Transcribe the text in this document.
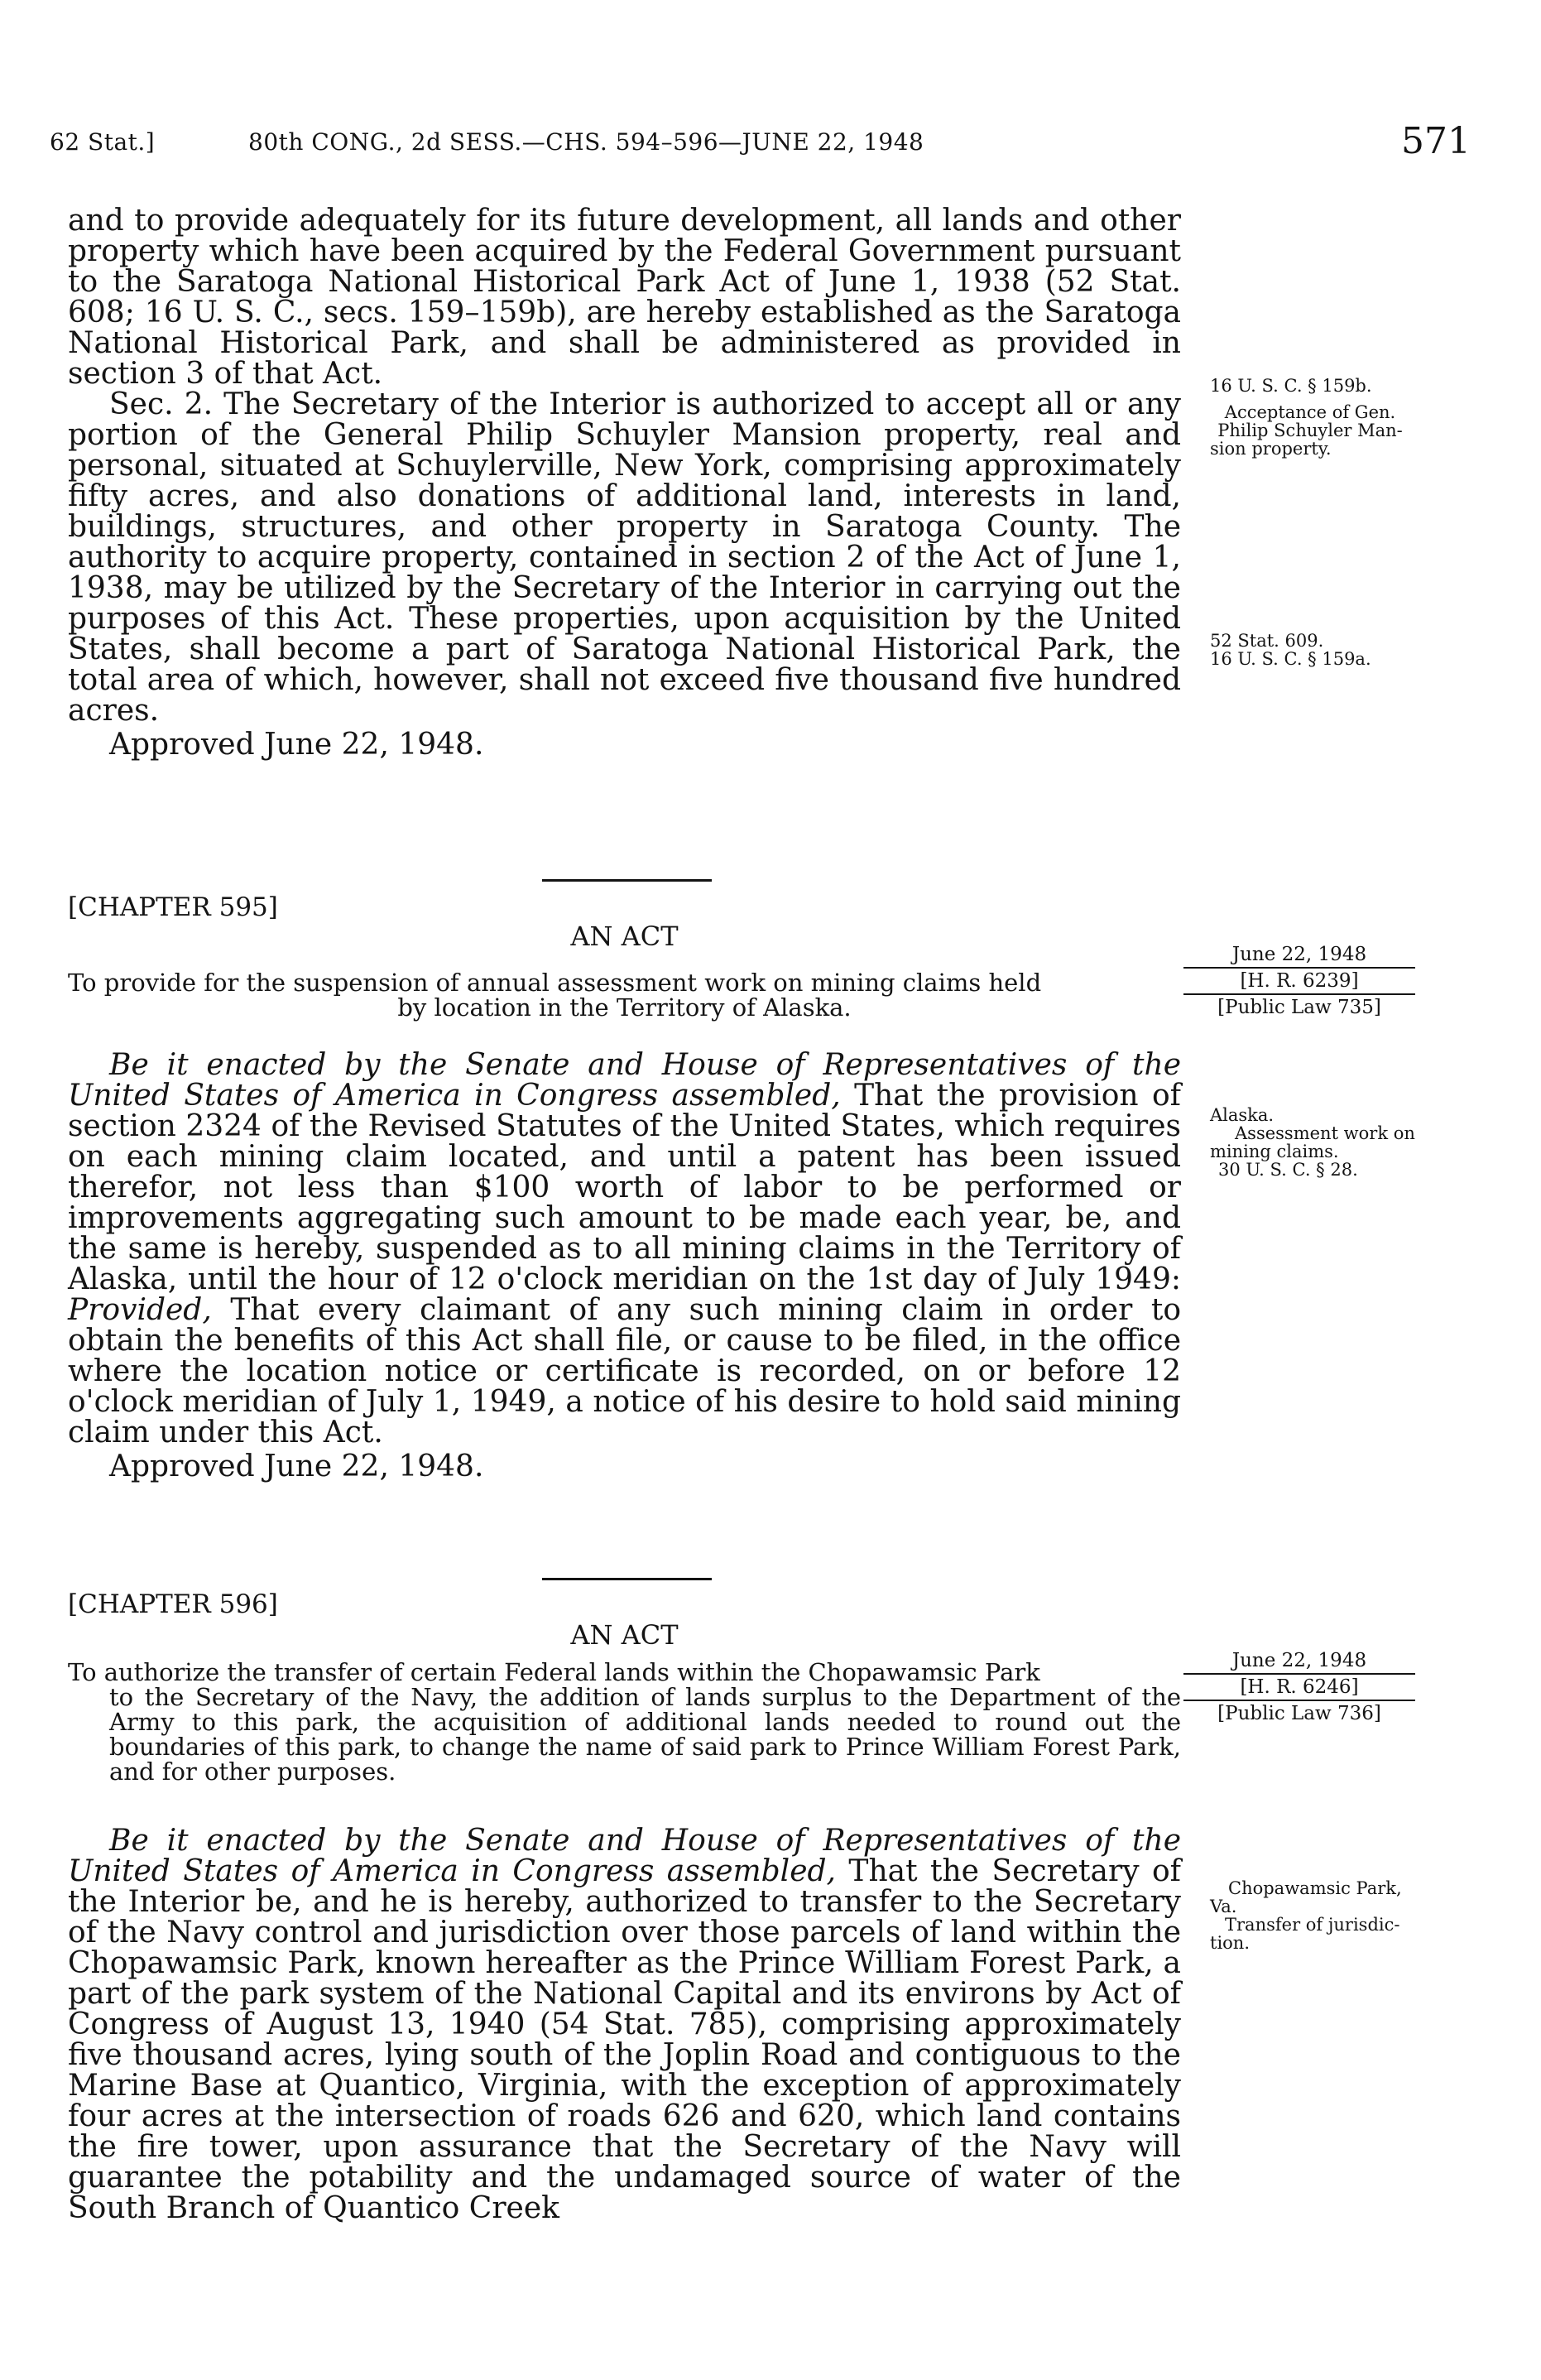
62 Stat.]	80th CONG., 2d SESS.—CHS. 594–596—JUNE 22, 1948	571

and to provide adequately for its future development, all lands and other property which have been acquired by the Federal Government pursuant to the Saratoga National Historical Park Act of June 1, 1938 (52 Stat. 608; 16 U. S. C., secs. 159–159b), are hereby established as the Saratoga National Historical Park, and shall be administered as provided in section 3 of that Act.

Sec. 2. The Secretary of the Interior is authorized to accept all or any portion of the General Philip Schuyler Mansion property, real and personal, situated at Schuylerville, New York, comprising approximately fifty acres, and also donations of additional land, interests in land, buildings, structures, and other property in Saratoga County. The authority to acquire property, contained in section 2 of the Act of June 1, 1938, may be utilized by the Secretary of the Interior in carrying out the purposes of this Act. These properties, upon acquisition by the United States, shall become a part of Saratoga National Historical Park, the total area of which, however, shall not exceed five thousand five hundred acres.

Approved June 22, 1948.

16 U. S. C. § 159b.
Acceptance of Gen.
Philip Schuyler Man-
sion property.
52 Stat. 609.
16 U. S. C. § 159a.
[CHAPTER 595]
AN ACT
To provide for the suspension of annual assessment work on mining claims held
by location in the Territory of Alaska.
June 22, 1948
[H. R. 6239]
[Public Law 735]

Be it enacted by the Senate and House of Representatives of the United States of America in Congress assembled, That the provision of section 2324 of the Revised Statutes of the United States, which requires on each mining claim located, and until a patent has been issued therefor, not less than $100 worth of labor to be performed or improvements aggregating such amount to be made each year, be, and the same is hereby, suspended as to all mining claims in the Territory of Alaska, until the hour of 12 o'clock meridian on the 1st day of July 1949: Provided, That every claimant of any such mining claim in order to obtain the benefits of this Act shall file, or cause to be filed, in the office where the location notice or certificate is recorded, on or before 12 o'clock meridian of July 1, 1949, a notice of his desire to hold said mining claim under this Act.

Approved June 22, 1948.

Alaska.
Assessment work on
mining claims.
30 U. S. C. § 28.
[CHAPTER 596]
AN ACT
To authorize the transfer of certain Federal lands within the Chopawamsic Park
to the Secretary of the Navy, the addition of lands surplus to the Department of the Army to this park, the acquisition of additional lands needed to round out the boundaries of this park, to change the name of said park to Prince William Forest Park, and for other purposes.
June 22, 1948
[H. R. 6246]
[Public Law 736]

Be it enacted by the Senate and House of Representatives of the United States of America in Congress assembled, That the Secretary of the Interior be, and he is hereby, authorized to transfer to the Secretary of the Navy control and jurisdiction over those parcels of land within the Chopawamsic Park, known hereafter as the Prince William Forest Park, a part of the park system of the National Capital and its environs by Act of Congress of August 13, 1940 (54 Stat. 785), comprising approximately five thousand acres, lying south of the Joplin Road and contiguous to the Marine Base at Quantico, Virginia, with the exception of approximately four acres at the intersection of roads 626 and 620, which land contains the fire tower, upon assurance that the Secretary of the Navy will guarantee the potability and the undamaged source of water of the South Branch of Quantico Creek

Chopawamsic Park,
Va.
Transfer of jurisdic-
tion.
